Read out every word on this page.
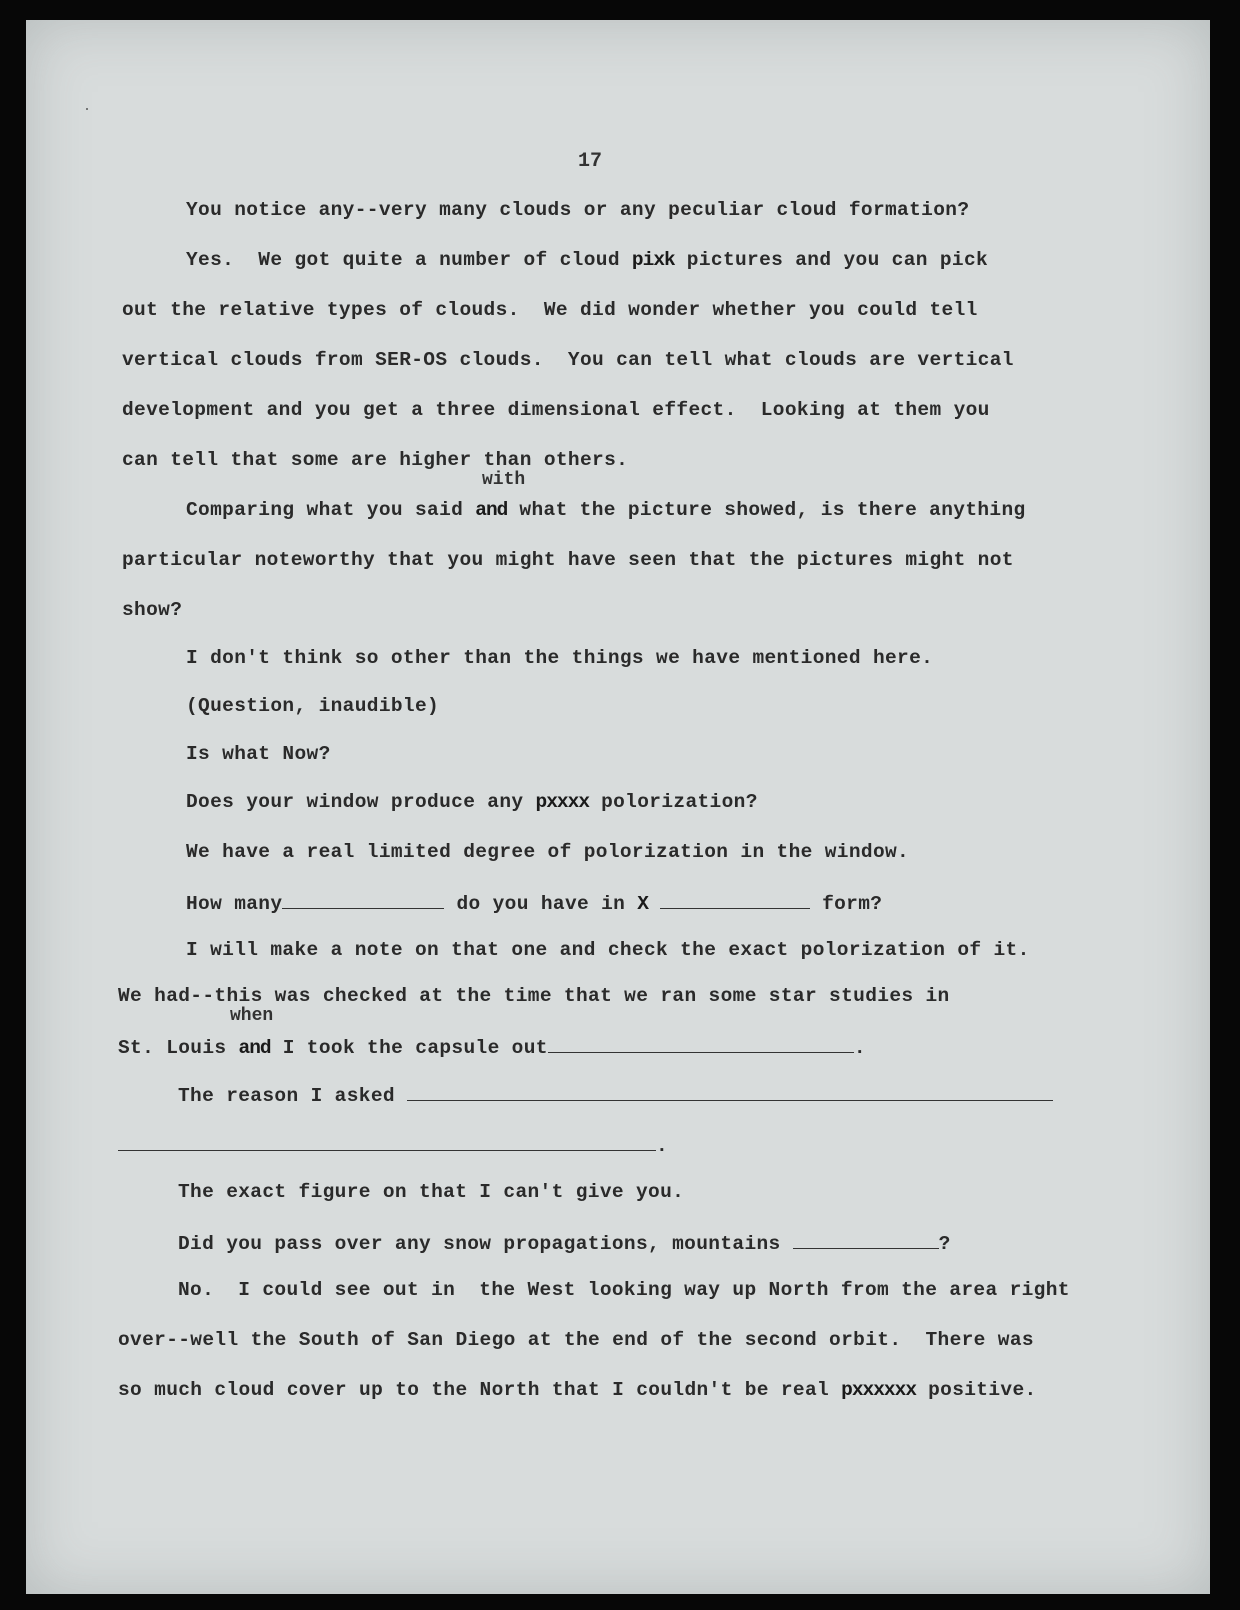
17

You notice any--very many clouds or any peculiar cloud formation?

Yes.  We got quite a number of cloud pixk pictures and you can pick

out the relative types of clouds.  We did wonder whether you could tell

vertical clouds from SER-OS clouds.  You can tell what clouds are vertical

development and you get a three dimensional effect.  Looking at them you

can tell that some are higher than others.

with

Comparing what you said and what the picture showed, is there anything

particular noteworthy that you might have seen that the pictures might not

show?

I don't think so other than the things we have mentioned here.

(Question, inaudible)

Is what Now?

Does your window produce any pxxxx polorization?

We have a real limited degree of polorization in the window.

How many	do you have in X	form?

I will make a note on that one and check the exact polorization of it.

We had--this was checked at the time that we ran some star studies in

when

St. Louis and I took the capsule out	.

The reason I asked

.

The exact figure on that I can't give you.

Did you pass over any snow propagations, mountains	?

No.  I could see out in  the West looking way up North from the area right

over--well the South of San Diego at the end of the second orbit.  There was

so much cloud cover up to the North that I couldn't be real pxxxxxx positive.
